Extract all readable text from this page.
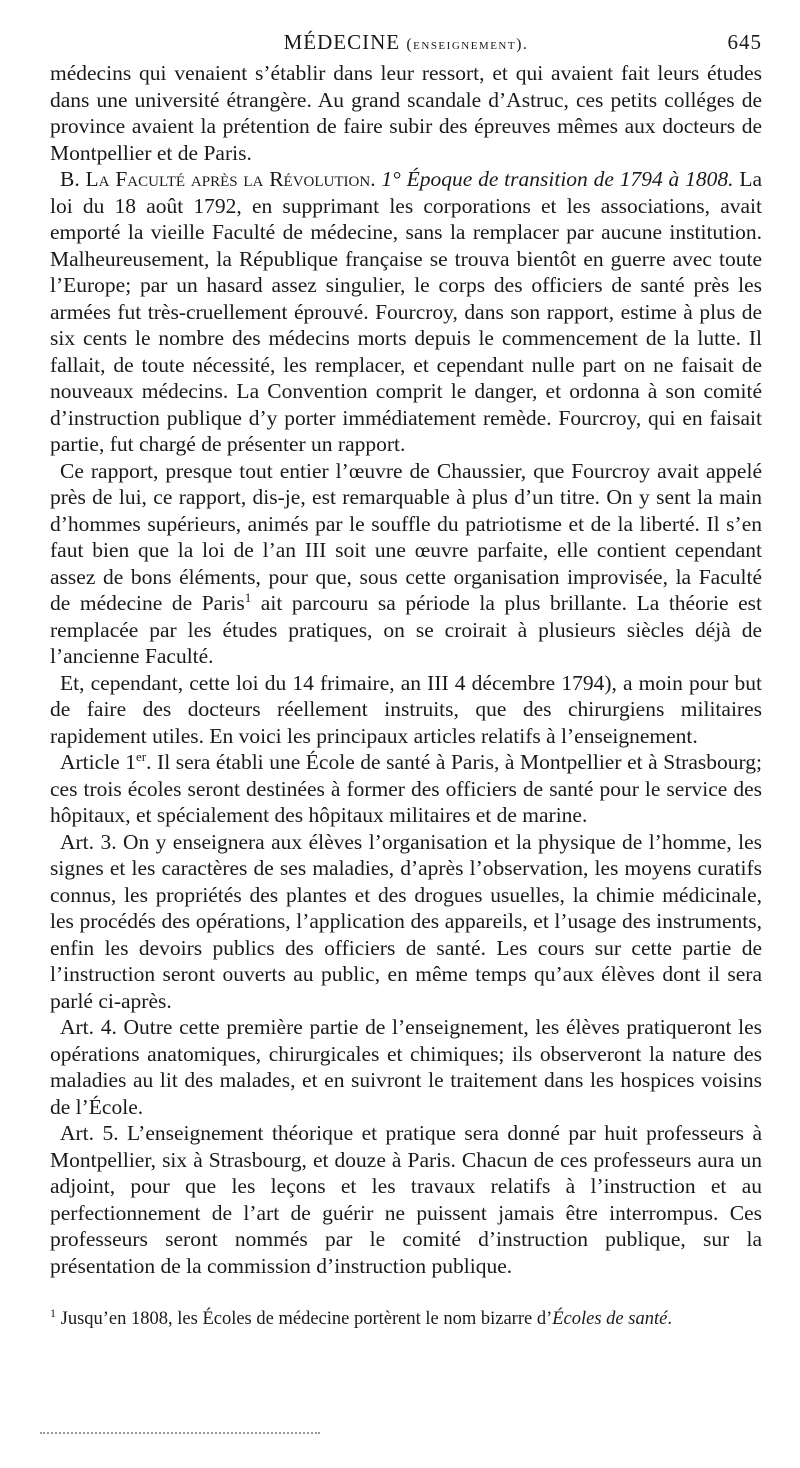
MÉDECINE (enseignement).	645

médecins qui venaient s’établir dans leur ressort, et qui avaient fait leurs études dans une université étrangère. Au grand scandale d’Astruc, ces petits colléges de province avaient la prétention de faire subir des épreuves mêmes aux docteurs de Montpellier et de Paris.

B. La Faculté après la Révolution. 1° Époque de transition de 1794 à 1808. La loi du 18 août 1792, en supprimant les corporations et les associations, avait emporté la vieille Faculté de médecine, sans la remplacer par aucune institution. Malheureusement, la République française se trouva bientôt en guerre avec toute l’Europe; par un hasard assez singulier, le corps des officiers de santé près les armées fut très-cruellement éprouvé. Fourcroy, dans son rapport, estime à plus de six cents le nombre des médecins morts depuis le commencement de la lutte. Il fallait, de toute nécessité, les remplacer, et cependant nulle part on ne faisait de nouveaux médecins. La Convention comprit le danger, et ordonna à son comité d’instruction publique d’y porter immédiatement remède. Fourcroy, qui en faisait partie, fut chargé de présenter un rapport.

Ce rapport, presque tout entier l’œuvre de Chaussier, que Fourcroy avait appelé près de lui, ce rapport, dis-je, est remarquable à plus d’un titre. On y sent la main d’hommes supérieurs, animés par le souffle du patriotisme et de la liberté. Il s’en faut bien que la loi de l’an III soit une œuvre parfaite, elle contient cependant assez de bons éléments, pour que, sous cette organisation improvisée, la Faculté de médecine de Paris$^1$ ait parcouru sa période la plus brillante. La théorie est remplacée par les études pratiques, on se croirait à plusieurs siècles déjà de l’ancienne Faculté.

Et, cependant, cette loi du 14 frimaire, an III 4 décembre 1794), a moin pour but de faire des docteurs réellement instruits, que des chirurgiens militaires rapidement utiles. En voici les principaux articles relatifs à l’enseignement.

Article 1er. Il sera établi une École de santé à Paris, à Montpellier et à Strasbourg; ces trois écoles seront destinées à former des officiers de santé pour le service des hôpitaux, et spécialement des hôpitaux militaires et de marine.

Art. 3. On y enseignera aux élèves l’organisation et la physique de l’homme, les signes et les caractères de ses maladies, d’après l’observation, les moyens curatifs connus, les propriétés des plantes et des drogues usuelles, la chimie médicinale, les procédés des opérations, l’application des appareils, et l’usage des instruments, enfin les devoirs publics des officiers de santé. Les cours sur cette partie de l’instruction seront ouverts au public, en même temps qu’aux élèves dont il sera parlé ci-après.

Art. 4. Outre cette première partie de l’enseignement, les élèves pratiqueront les opérations anatomiques, chirurgicales et chimiques; ils observeront la nature des maladies au lit des malades, et en suivront le traitement dans les hospices voisins de l’École.

Art. 5. L’enseignement théorique et pratique sera donné par huit professeurs à Montpellier, six à Strasbourg, et douze à Paris. Chacun de ces professeurs aura un adjoint, pour que les leçons et les travaux relatifs à l’instruction et au perfectionnement de l’art de guérir ne puissent jamais être interrompus. Ces professeurs seront nommés par le comité d’instruction publique, sur la présentation de la commission d’instruction publique.

$^1$ Jusqu’en 1808, les Écoles de médecine portèrent le nom bizarre d’Écoles de santé.
